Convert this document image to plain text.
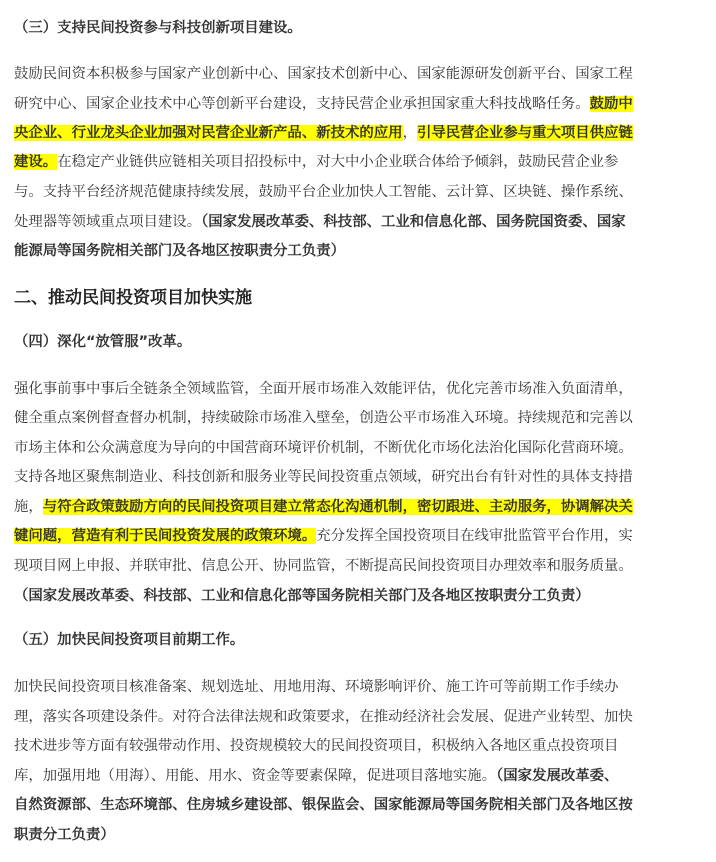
（三）支持民间投资参与科技创新项目建设。
鼓励民间资本积极参与国家产业创新中心、国家技术创新中心、国家能源研发创新平台、国家工程
研究中心、国家企业技术中心等创新平台建设，支持民营企业承担国家重大科技战略任务。鼓励中
央企业、行业龙头企业加强对民营企业新产品、新技术的应用，引导民营企业参与重大项目供应链
建设。在稳定产业链供应链相关项目招投标中，对大中小企业联合体给予倾斜，鼓励民营企业参
与。支持平台经济规范健康持续发展，鼓励平台企业加快人工智能、云计算、区块链、操作系统、
处理器等领域重点项目建设。（国家发展改革委、科技部、工业和信息化部、国务院国资委、国家
能源局等国务院相关部门及各地区按职责分工负责）
二、推动民间投资项目加快实施
（四）深化“放管服”改革。
强化事前事中事后全链条全领域监管，全面开展市场准入效能评估，优化完善市场准入负面清单，
健全重点案例督查督办机制，持续破除市场准入壁垒，创造公平市场准入环境。持续规范和完善以
市场主体和公众满意度为导向的中国营商环境评价机制，不断优化市场化法治化国际化营商环境。
支持各地区聚焦制造业、科技创新和服务业等民间投资重点领域，研究出台有针对性的具体支持措
施，与符合政策鼓励方向的民间投资项目建立常态化沟通机制，密切跟进、主动服务，协调解决关
键问题，营造有利于民间投资发展的政策环境。充分发挥全国投资项目在线审批监管平台作用，实
现项目网上申报、并联审批、信息公开、协同监管，不断提高民间投资项目办理效率和服务质量。
（国家发展改革委、科技部、工业和信息化部等国务院相关部门及各地区按职责分工负责）
（五）加快民间投资项目前期工作。
加快民间投资项目核准备案、规划选址、用地用海、环境影响评价、施工许可等前期工作手续办
理，落实各项建设条件。对符合法律法规和政策要求，在推动经济社会发展、促进产业转型、加快
技术进步等方面有较强带动作用、投资规模较大的民间投资项目，积极纳入各地区重点投资项目
库，加强用地（用海）、用能、用水、资金等要素保障，促进项目落地实施。（国家发展改革委、
自然资源部、生态环境部、住房城乡建设部、银保监会、国家能源局等国务院相关部门及各地区按
职责分工负责）
